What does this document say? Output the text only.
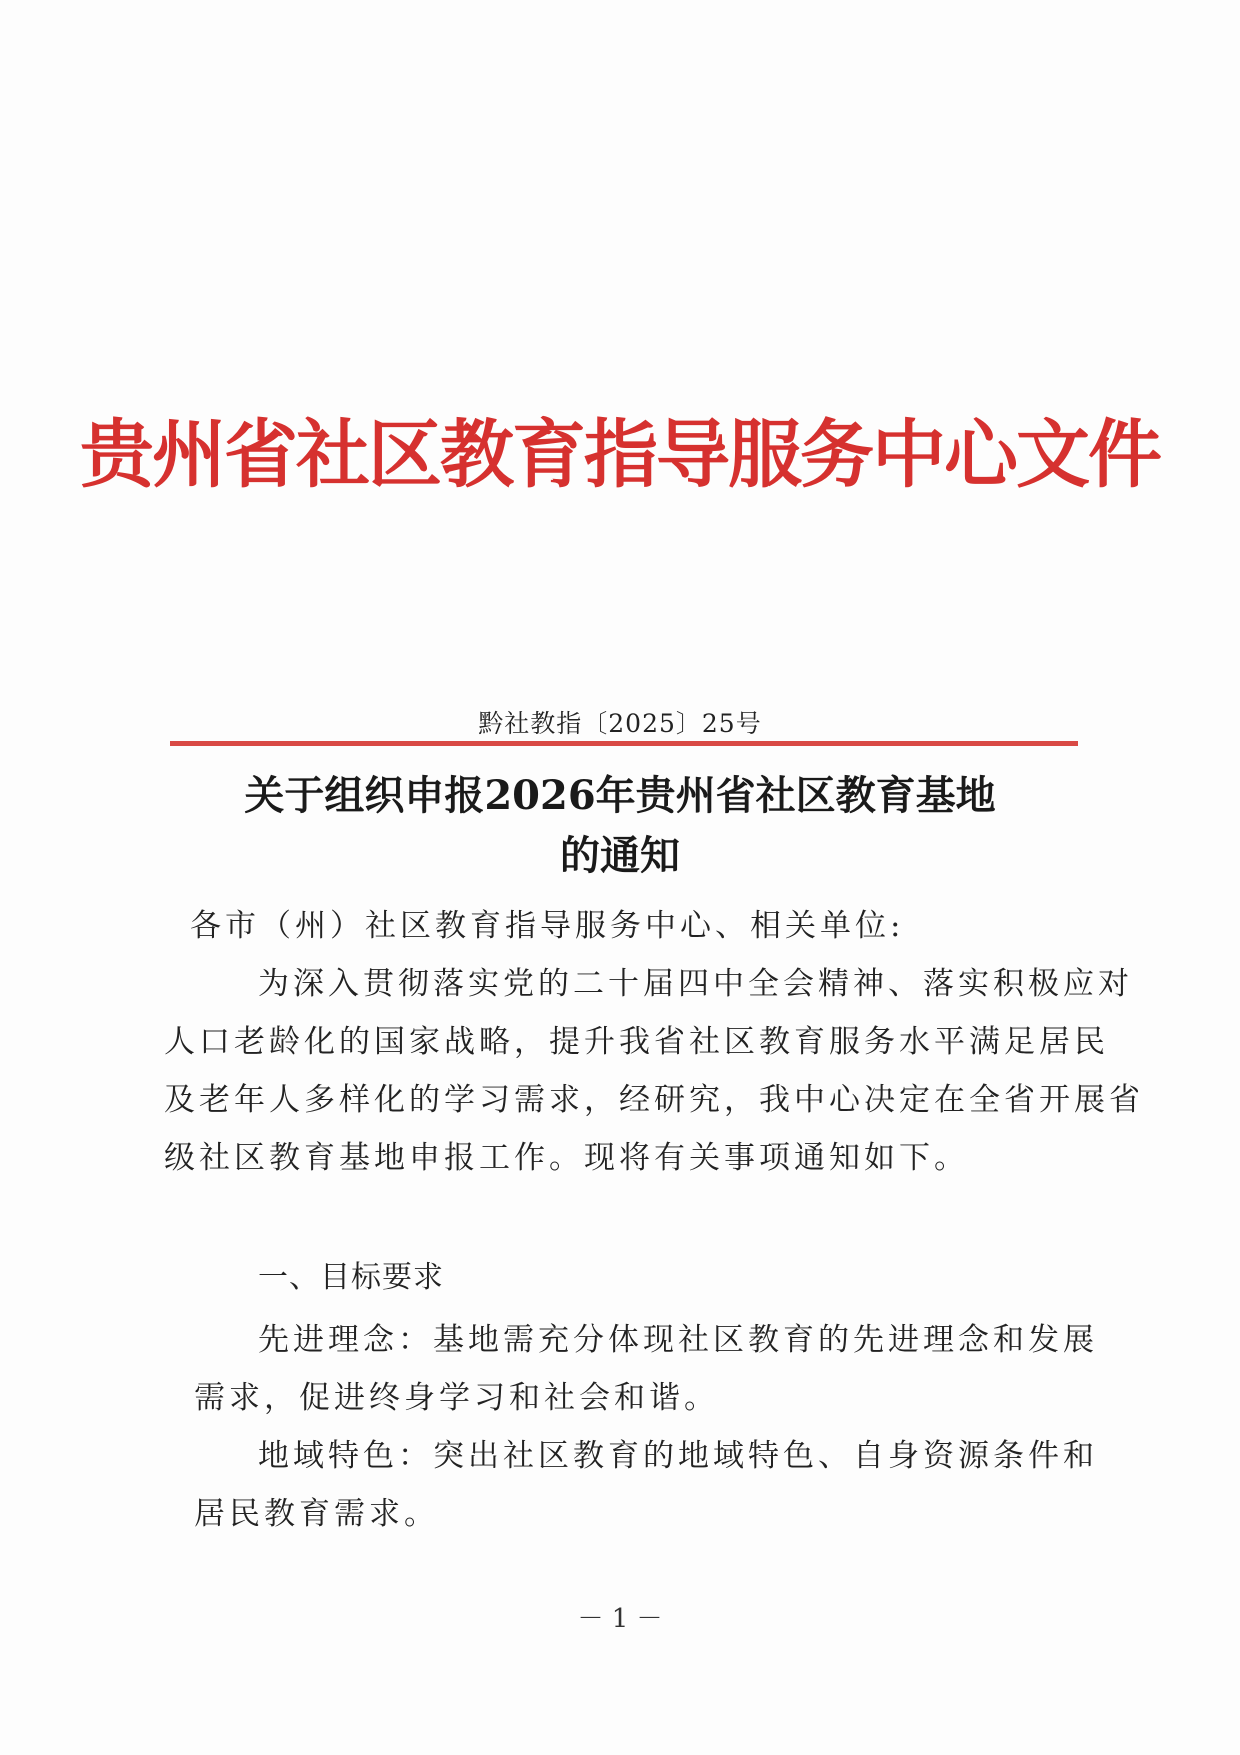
贵州省社区教育指导服务中心文件
黔社教指〔2025〕25号
关于组织申报2026年贵州省社区教育基地
的通知
各市（州）社区教育指导服务中心、相关单位:
为深入贯彻落实党的二十届四中全会精神、落实积极应对
人口老龄化的国家战略，提升我省社区教育服务水平满足居民
及老年人多样化的学习需求，经研究，我中心决定在全省开展省
级社区教育基地申报工作。现将有关事项通知如下。
一、目标要求
先进理念：基地需充分体现社区教育的先进理念和发展
需求，促进终身学习和社会和谐。
地域特色：突出社区教育的地域特色、自身资源条件和
居民教育需求。
－ 1 －
